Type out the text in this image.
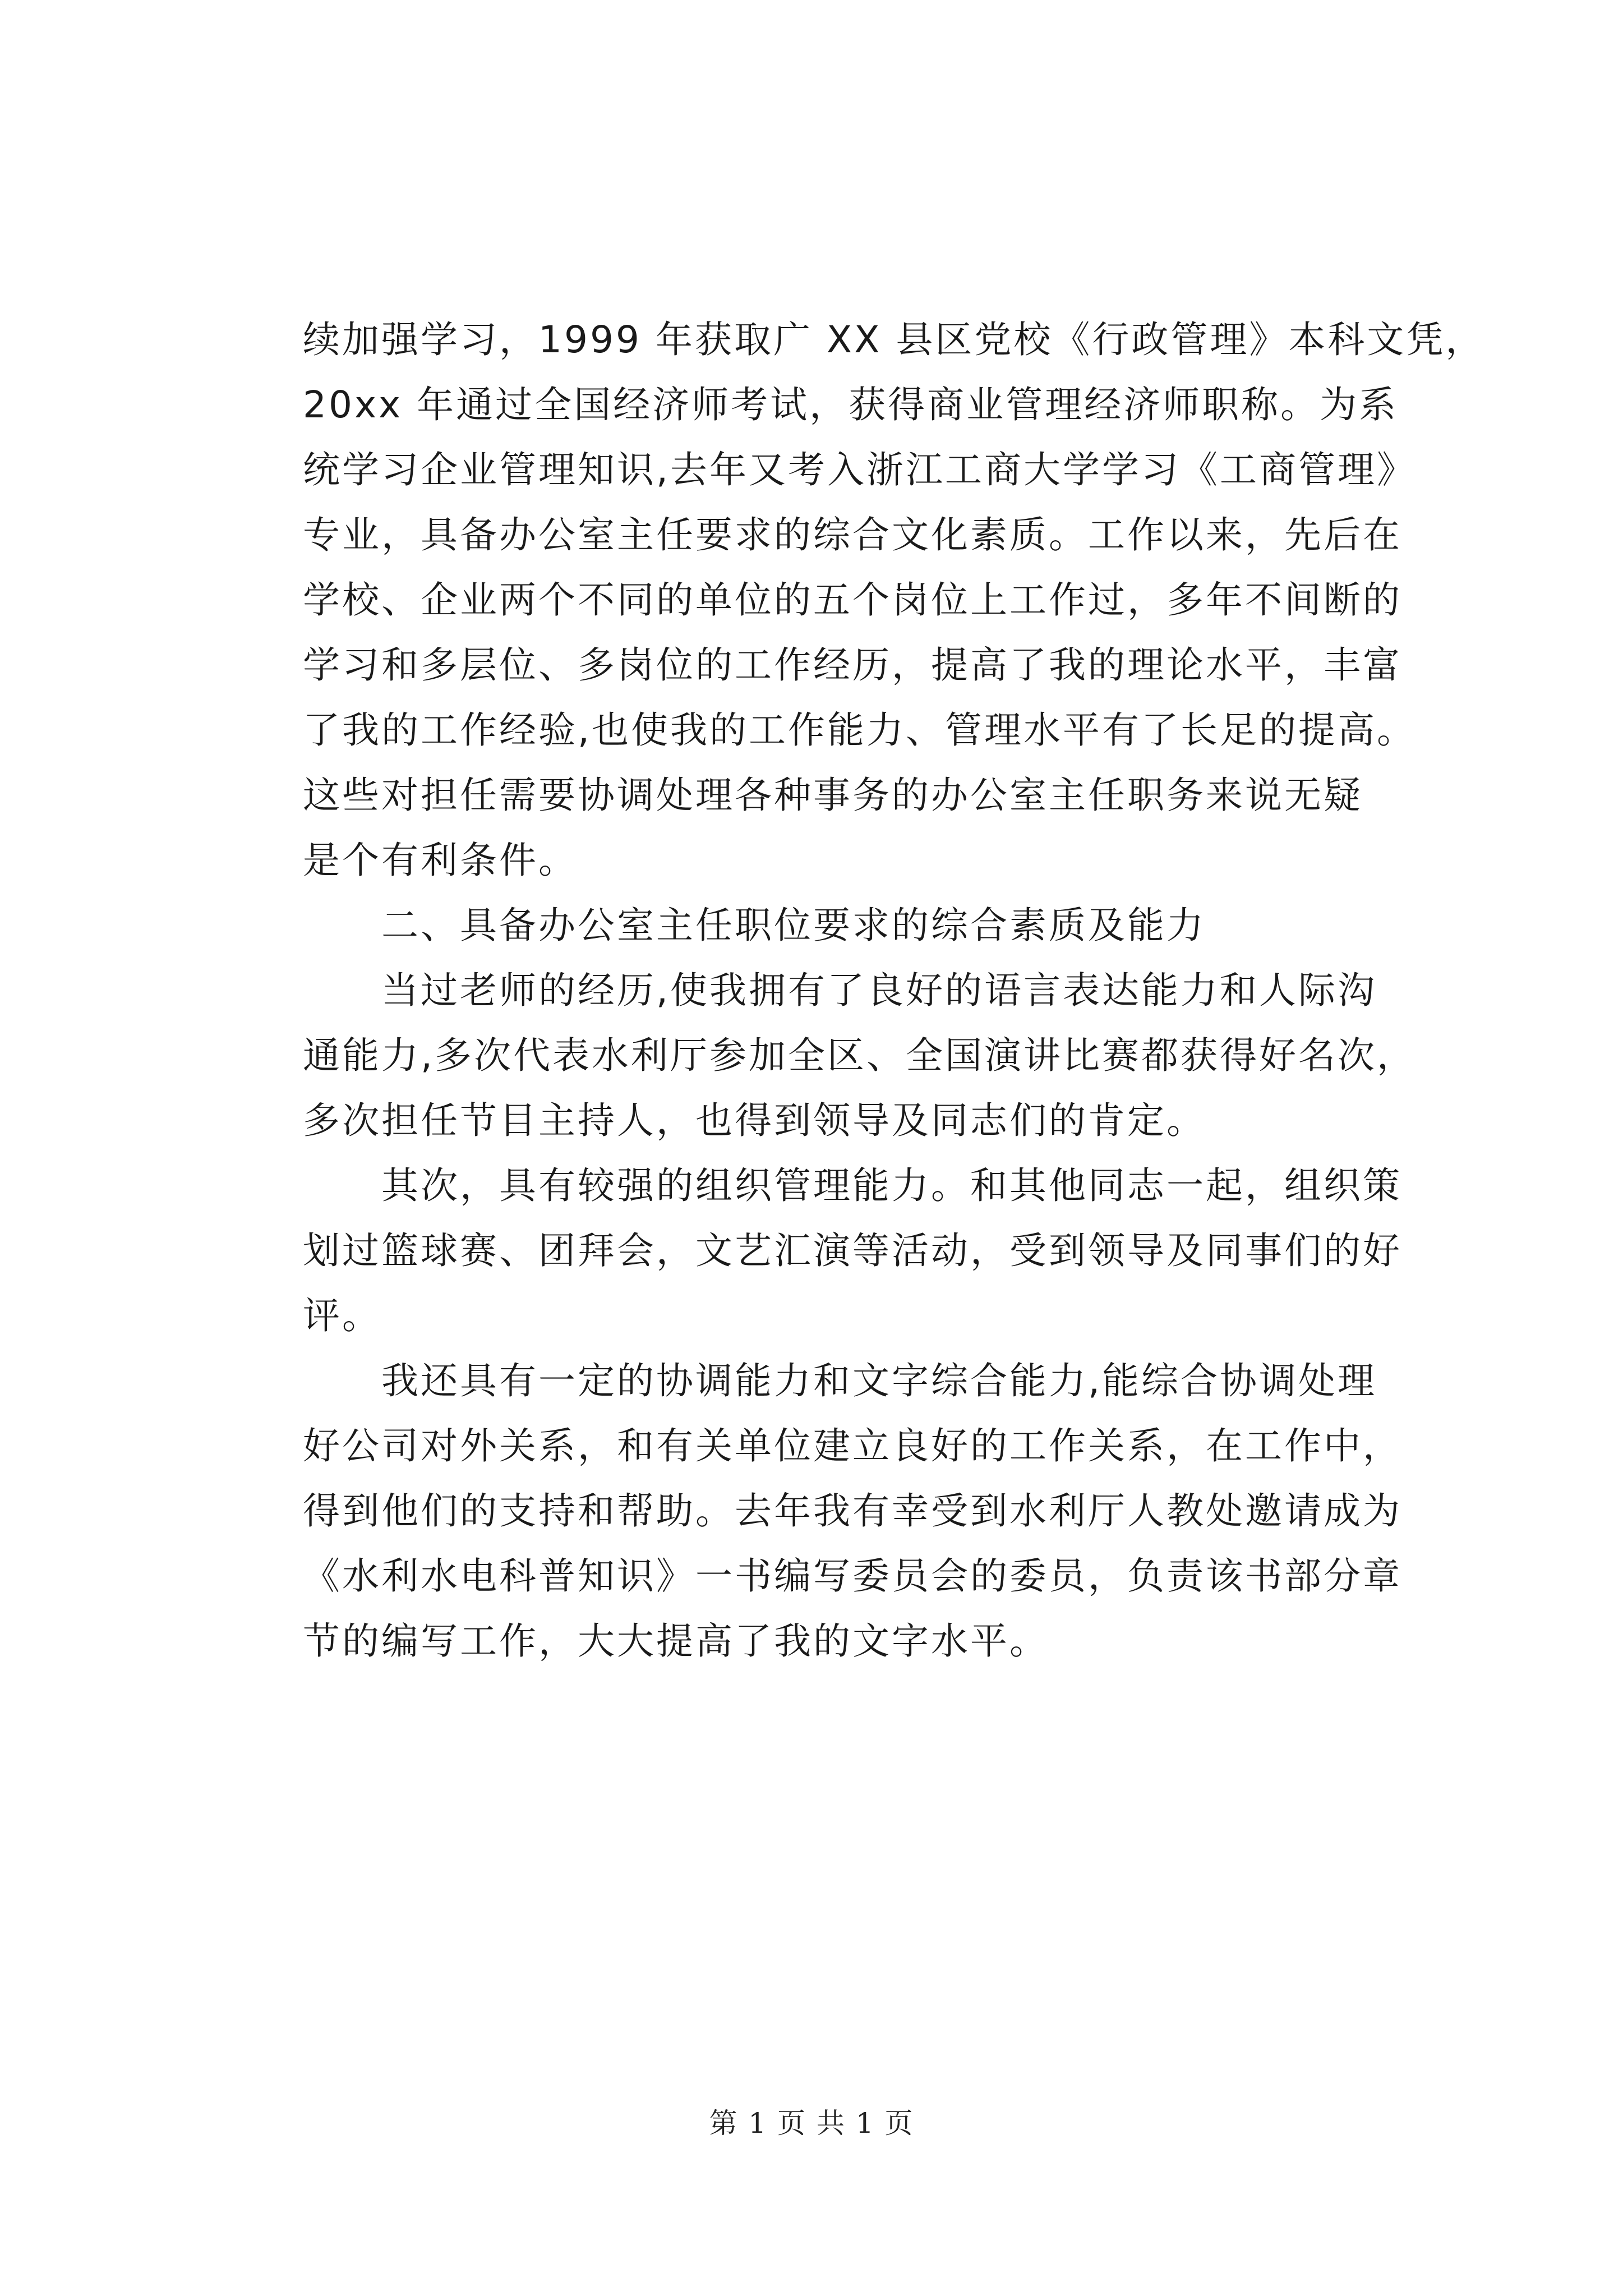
续加强学习，1999 年获取广 XX 县区党校《行政管理》本科文凭，
20xx 年通过全国经济师考试，获得商业管理经济师职称。为系
统学习企业管理知识,去年又考入浙江工商大学学习《工商管理》
专业，具备办公室主任要求的综合文化素质。工作以来，先后在
学校、企业两个不同的单位的五个岗位上工作过，多年不间断的
学习和多层位、多岗位的工作经历，提高了我的理论水平，丰富
了我的工作经验,也使我的工作能力、管理水平有了长足的提高。
这些对担任需要协调处理各种事务的办公室主任职务来说无疑
是个有利条件。
　　二、具备办公室主任职位要求的综合素质及能力
　　当过老师的经历,使我拥有了良好的语言表达能力和人际沟
通能力,多次代表水利厅参加全区、全国演讲比赛都获得好名次，
多次担任节目主持人，也得到领导及同志们的肯定。
　　其次，具有较强的组织管理能力。和其他同志一起，组织策
划过篮球赛、团拜会，文艺汇演等活动，受到领导及同事们的好
评。
　　我还具有一定的协调能力和文字综合能力,能综合协调处理
好公司对外关系，和有关单位建立良好的工作关系，在工作中，
得到他们的支持和帮助。去年我有幸受到水利厅人教处邀请成为
《水利水电科普知识》一书编写委员会的委员，负责该书部分章
节的编写工作，大大提高了我的文字水平。
第 1 页 共 1 页
